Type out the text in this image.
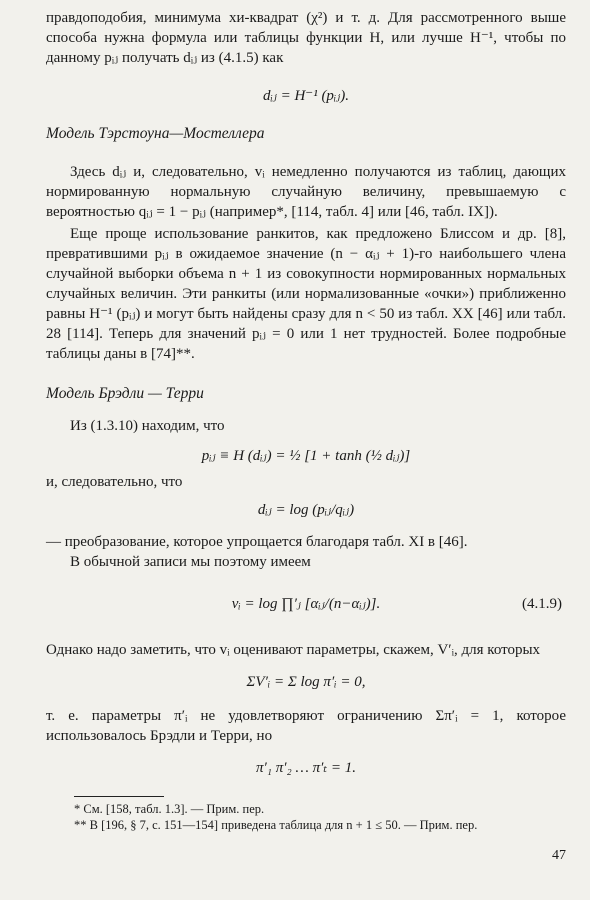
правдоподобия, минимума хи-квадрат (χ²) и т. д. Для рассмотренного выше способа нужна формула или таблицы функции H, или лучше H⁻¹, чтобы по данному pᵢⱼ получать dᵢⱼ из (4.1.5) как

dᵢⱼ = H⁻¹ (pᵢⱼ).

Модель Тэрстоуна—Мостеллера

Здесь dᵢⱼ и, следовательно, vᵢ немедленно получаются из таблиц, дающих нормированную нормальную случайную величину, превышаемую с вероятностью qᵢⱼ = 1 − pᵢⱼ (например*, [114, табл. 4] или [46, табл. IX]).

Еще проще использование ранкитов, как предложено Блиссом и др. [8], превратившими pᵢⱼ в ожидаемое значение (n − αᵢⱼ + 1)-го наибольшего члена случайной выборки объема n + 1 из совокупности нормированных нормальных случайных величин. Эти ранкиты (или нормализованные «очки») приближенно равны H⁻¹ (pᵢⱼ) и могут быть найдены сразу для n < 50 из табл. XX [46] или табл. 28 [114]. Теперь для значений pᵢⱼ = 0 или 1 нет трудностей. Более подробные таблицы даны в [74]**.

Модель Брэдли — Терри

Из (1.3.10) находим, что

pᵢⱼ ≡ H (dᵢⱼ) = ½ [1 + tanh (½ dᵢⱼ)]

и, следовательно, что

dᵢⱼ = log (pᵢⱼ/qᵢⱼ)

— преобразование, которое упрощается благодаря табл. XI в [46].

В обычной записи мы поэтому имеем

vᵢ = log ∏′ⱼ [αᵢⱼ/(n−αᵢⱼ)].	(4.1.9)

Однако надо заметить, что vᵢ оценивают параметры, скажем, V′ᵢ, для которых

ΣV′ᵢ = Σ log π′ᵢ = 0,

т. е. параметры π′ᵢ не удовлетворяют ограничению Σπ′ᵢ = 1, которое использовалось Брэдли и Терри, но

π′₁ π′₂ … π′ₜ = 1.

* См. [158, табл. 1.3]. — Прим. пер.

** В [196, § 7, с. 151—154] приведена таблица для n + 1 ≤ 50. — Прим. пер.

47
